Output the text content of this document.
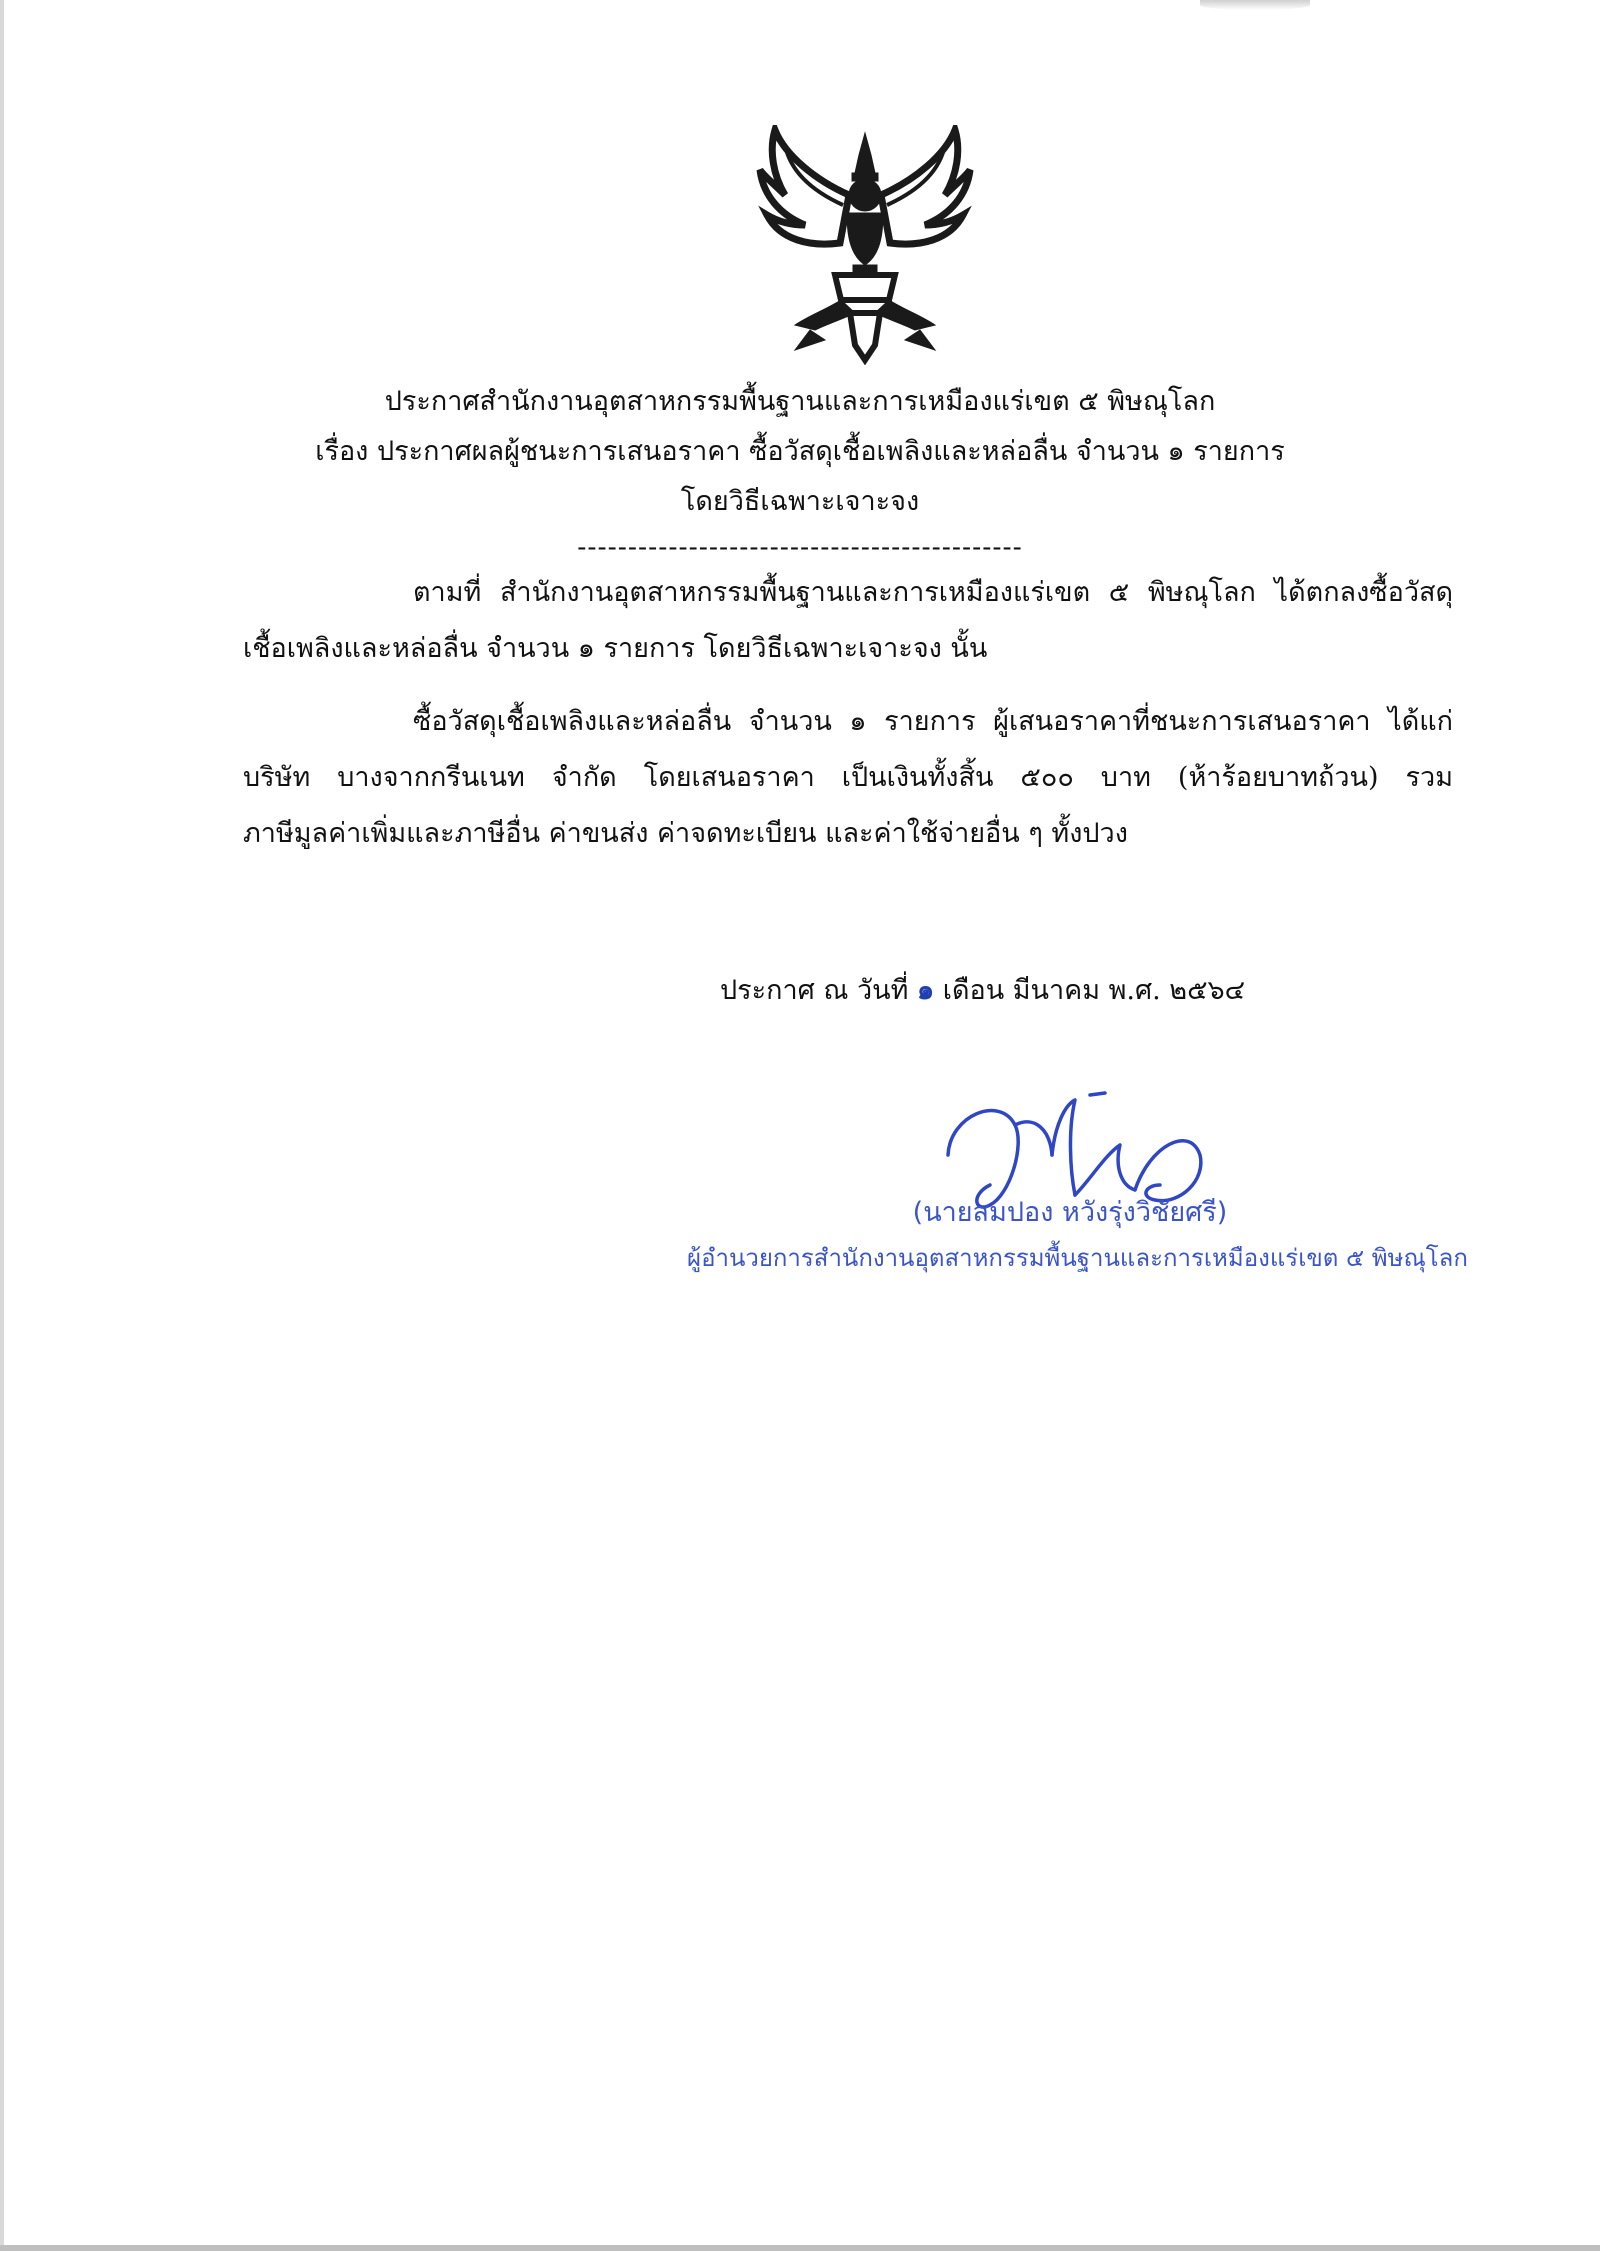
ประกาศสำนักงานอุตสาหกรรมพื้นฐานและการเหมืองแร่เขต ๕ พิษณุโลก
เรื่อง ประกาศผลผู้ชนะการเสนอราคา ซื้อวัสดุเชื้อเพลิงและหล่อลื่น จำนวน ๑ รายการ
โดยวิธีเฉพาะเจาะจง
--------------------------------------------
ตามที่ สำนักงานอุตสาหกรรมพื้นฐานและการเหมืองแร่เขต ๕ พิษณุโลก ได้ตกลงซื้อวัสดุ
เชื้อเพลิงและหล่อลื่น จำนวน ๑ รายการ โดยวิธีเฉพาะเจาะจง นั้น
ซื้อวัสดุเชื้อเพลิงและหล่อลื่น จำนวน ๑ รายการ ผู้เสนอราคาที่ชนะการเสนอราคา ได้แก่
บริษัท บางจากกรีนเนท จำกัด โดยเสนอราคา เป็นเงินทั้งสิ้น ๕๐๐ บาท (ห้าร้อยบาทถ้วน) รวม
ภาษีมูลค่าเพิ่มและภาษีอื่น ค่าขนส่ง ค่าจดทะเบียน และค่าใช้จ่ายอื่น ๆ ทั้งปวง
ประกาศ ณ วันที่ ๑ เดือน มีนาคม พ.ศ. ๒๕๖๔
(นายสมปอง หวังรุ่งวิชัยศรี)
ผู้อำนวยการสำนักงานอุตสาหกรรมพื้นฐานและการเหมืองแร่เขต ๕ พิษณุโลก
